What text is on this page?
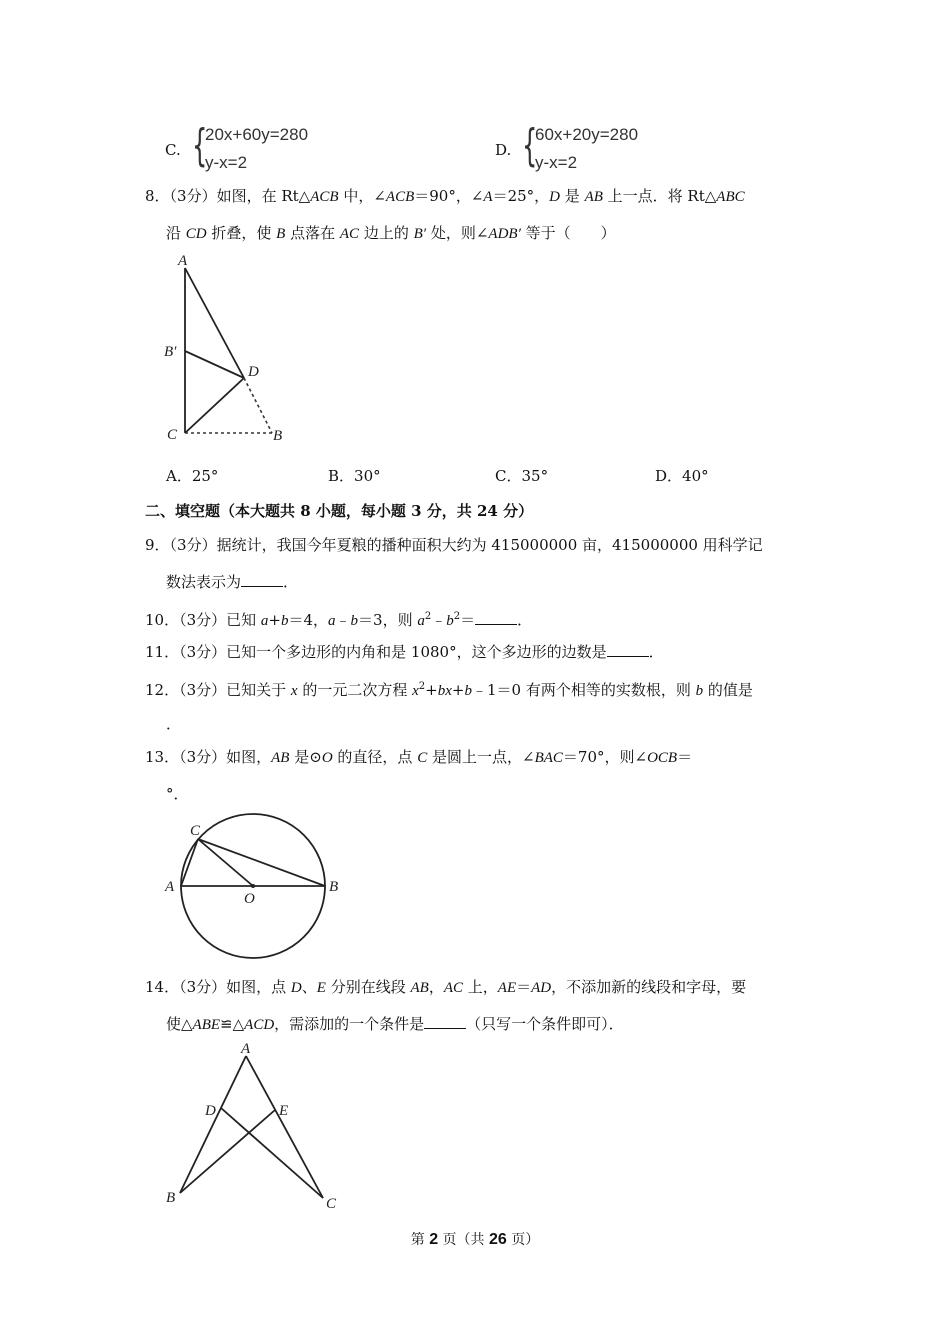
C. {
20x+60y=280
y-x=2
D. {
60x+20y=280
y-x=2
8．（3分）如图，在 Rt△ACB 中，∠ACB＝90°，∠A＝25°，D 是 AB 上一点．将 Rt△ABC
沿 CD 折叠，使 B 点落在 AC 边上的 B′ 处，则∠ADB′ 等于（　　）
A
B′
D
C	B
A．25°	B．30°	C．35°	D．40°
二、填空题（本大题共 8 小题，每小题 3 分，共 24 分）
9．（3分）据统计，我国今年夏粮的播种面积大约为 415000000 亩，415000000 用科学记
数法表示为	．
10．（3分）已知 a+b＝4，a﹣b＝3，则 $a^2﹣b^2=$	．
11．（3分）已知一个多边形的内角和是 1080°，这个多边形的边数是	．
12．（3分）已知关于 x 的一元二次方程 $x^2+bx+b﹣1=0$ 有两个相等的实数根，则 b 的值是
．
13．（3分）如图，AB 是⊙O 的直径，点 C 是圆上一点，∠BAC＝70°，则∠OCB＝
°．
C
A
O
B
14．（3分）如图，点 D、E 分别在线段 AB，AC 上，AE＝AD，不添加新的线段和字母，要
使△ABE≌△ACD，需添加的一个条件是	（只写一个条件即可）．
A
D	E
B	C
第 2 页（共 26 页）
